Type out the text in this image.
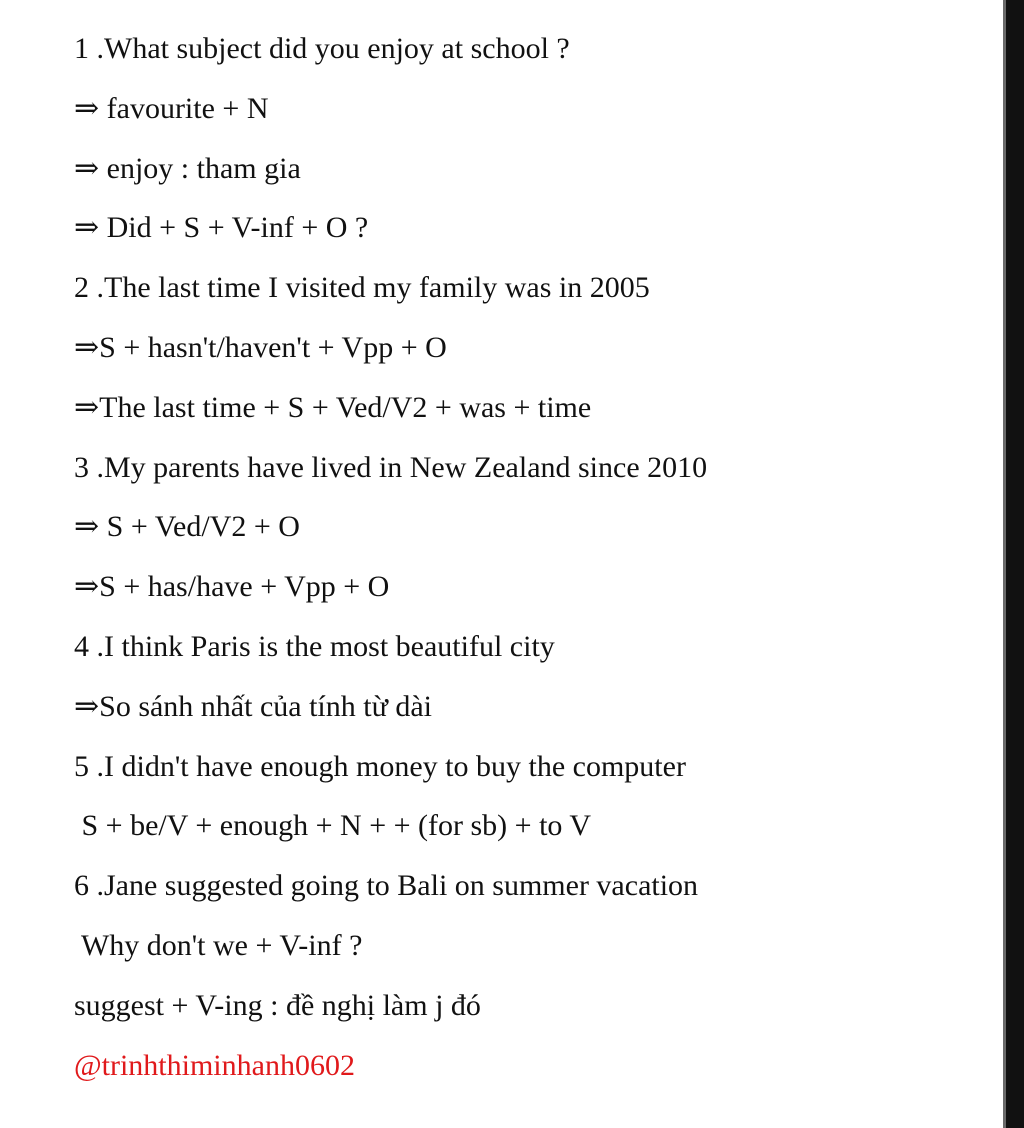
1 .What subject did you enjoy at school ?
⇒ favourite + N
⇒ enjoy : tham gia
⇒ Did + S + V-inf + O ?
2 .The last time I visited my family was in 2005
⇒S + hasn't/haven't + Vpp + O
⇒The last time + S + Ved/V2 + was + time
3 .My parents have lived in New Zealand since 2010
⇒ S + Ved/V2 + O
⇒S + has/have + Vpp + O
4 .I think Paris is the most beautiful city
⇒So sánh nhất của tính từ dài
5 .I didn't have enough money to buy the computer
S + be/V + enough + N + + (for sb) + to V
6 .Jane suggested going to Bali on summer vacation
Why don't we + V-inf ?
suggest + V-ing : đề nghị làm j đó
@trinhthiminhanh0602
